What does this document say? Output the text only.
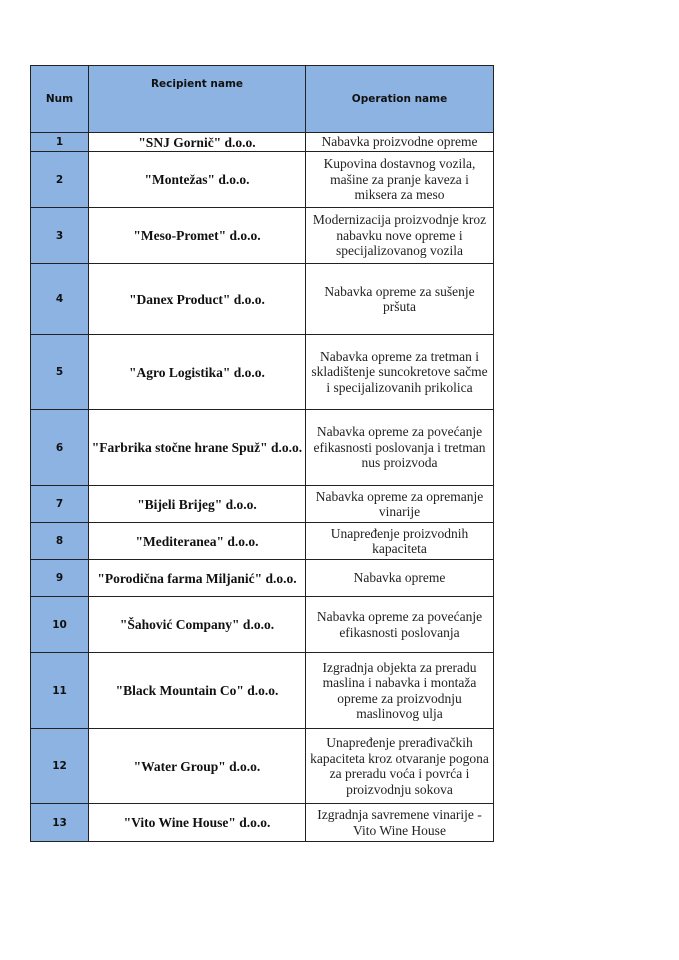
Num	Recipient name	Operation name
1	"SNJ Gornič" d.o.o.	Nabavka proizvodne opreme
2	"Montežas" d.o.o.	Kupovina dostavnog vozila, mašine za pranje kaveza i miksera za meso
3	"Meso-Promet" d.o.o.	Modernizacija proizvodnje kroz nabavku nove opreme i specijalizovanog vozila
4	"Danex Product" d.o.o.	Nabavka opreme za sušenje pršuta
5	"Agro Logistika" d.o.o.	Nabavka opreme za tretman i skladištenje suncokretove sačme i specijalizovanih prikolica
6	"Farbrika stočne hrane Spuž" d.o.o.	Nabavka opreme za povećanje efikasnosti poslovanja i tretman nus proizvoda
7	"Bijeli Brijeg" d.o.o.	Nabavka opreme za opremanje vinarije
8	"Mediteranea" d.o.o.	Unapređenje proizvodnih kapaciteta
9	"Porodična farma Miljanić" d.o.o.	Nabavka opreme
10	"Šahović Company" d.o.o.	Nabavka opreme za povećanje efikasnosti poslovanja
11	"Black Mountain Co" d.o.o.	Izgradnja objekta za preradu maslina i nabavka i montaža opreme za proizvodnju maslinovog ulja
12	"Water Group" d.o.o.	Unapređenje prerađivačkih kapaciteta kroz otvaranje pogona za preradu voća i povrća i proizvodnju sokova
13	"Vito Wine House" d.o.o.	Izgradnja savremene vinarije - Vito Wine House
